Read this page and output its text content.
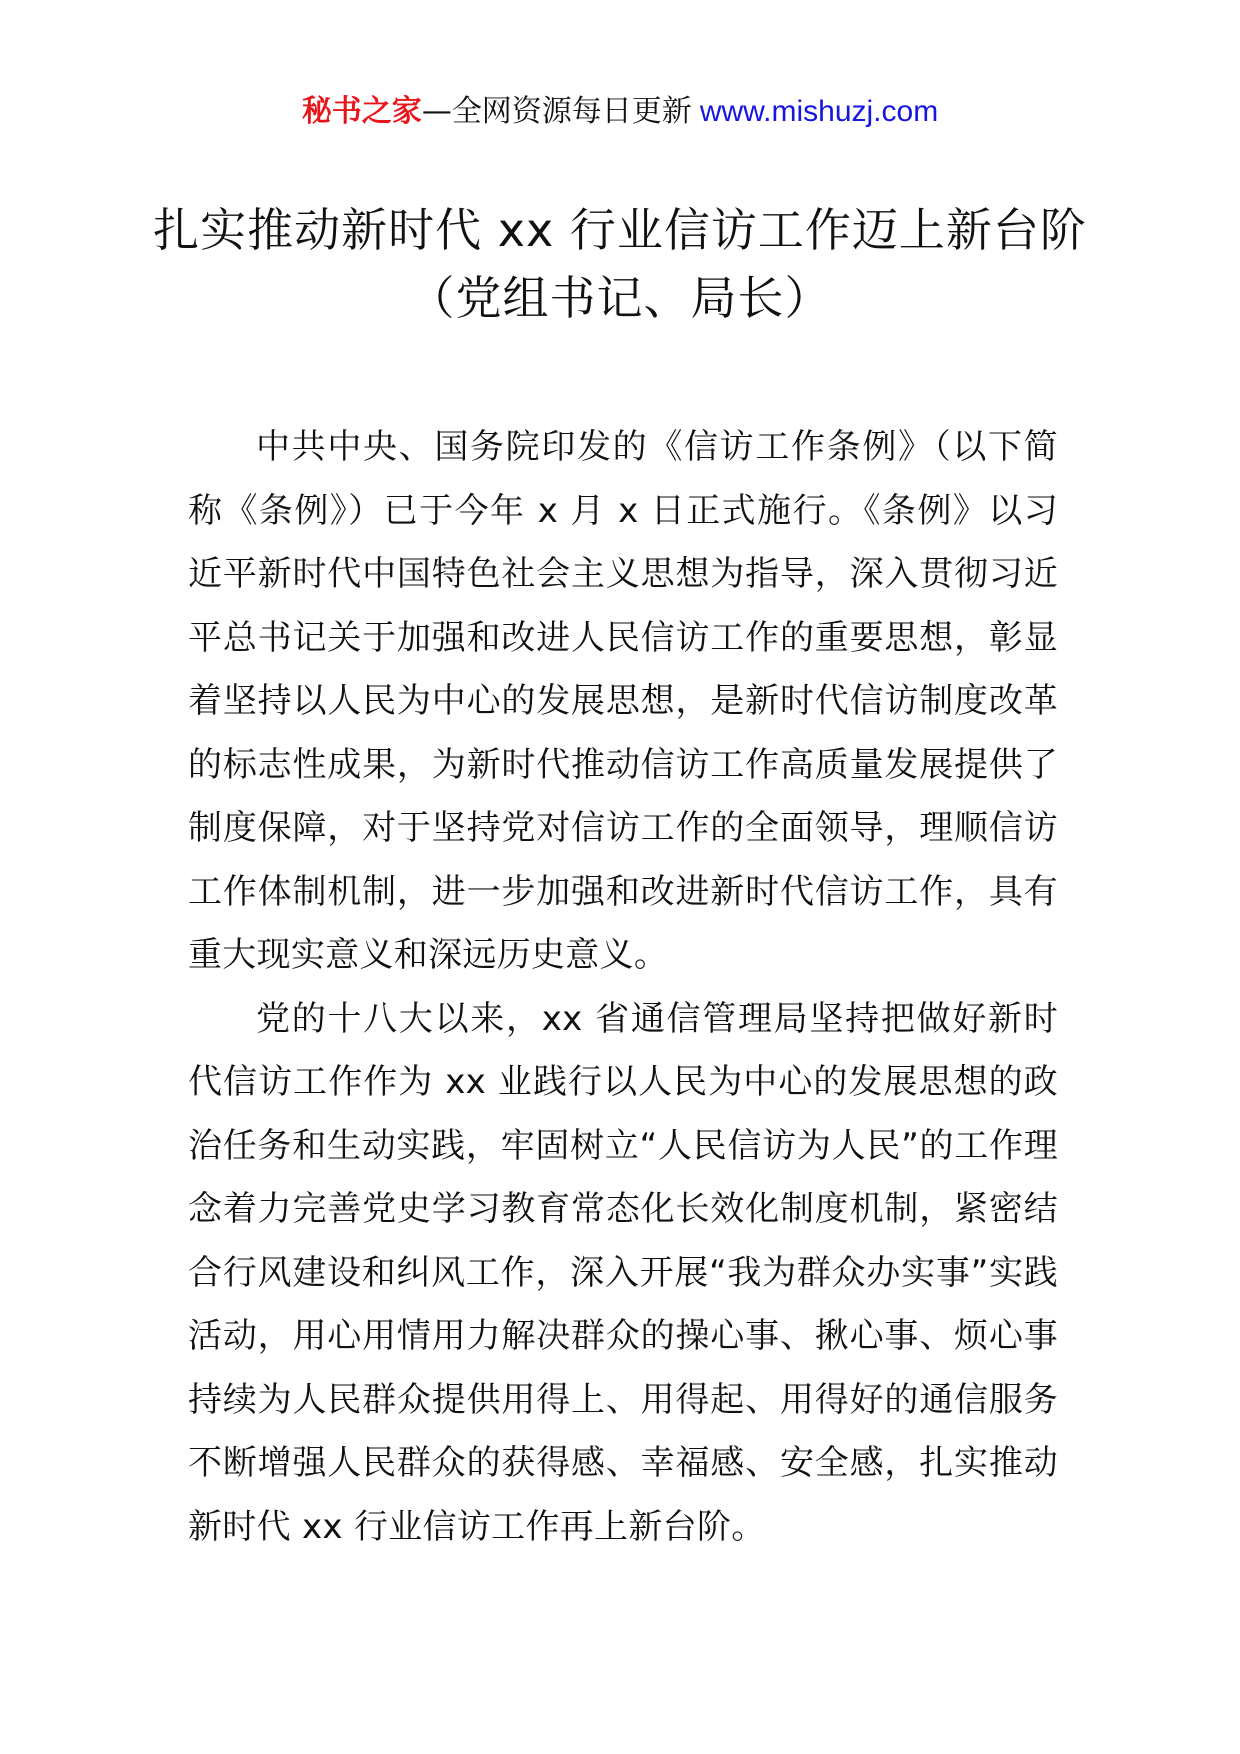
秘书之家—全网资源每日更新 www.mishuzj.com
扎实推动新时代 xx 行业信访工作迈上新台阶（党组书记、局长）

中共中央、国务院印发的《信访工作条例》（以下简称《条例》）已于今年 x 月 x 日正式施行。《条例》以习近平新时代中国特色社会主义思想为指导，深入贯彻习近平总书记关于加强和改进人民信访工作的重要思想，彰显着坚持以人民为中心的发展思想，是新时代信访制度改革的标志性成果，为新时代推动信访工作高质量发展提供了制度保障，对于坚持党对信访工作的全面领导，理顺信访工作体制机制，进一步加强和改进新时代信访工作，具有重大现实意义和深远历史意义。

党的十八大以来，xx 省通信管理局坚持把做好新时代信访工作作为 xx 业践行以人民为中心的发展思想的政治任务和生动实践，牢固树立“人民信访为人民”的工作理念着力完善党史学习教育常态化长效化制度机制，紧密结合行风建设和纠风工作，深入开展“我为群众办实事”实践活动，用心用情用力解决群众的操心事、揪心事、烦心事持续为人民群众提供用得上、用得起、用得好的通信服务不断增强人民群众的获得感、幸福感、安全感，扎实推动新时代 xx 行业信访工作再上新台阶。
